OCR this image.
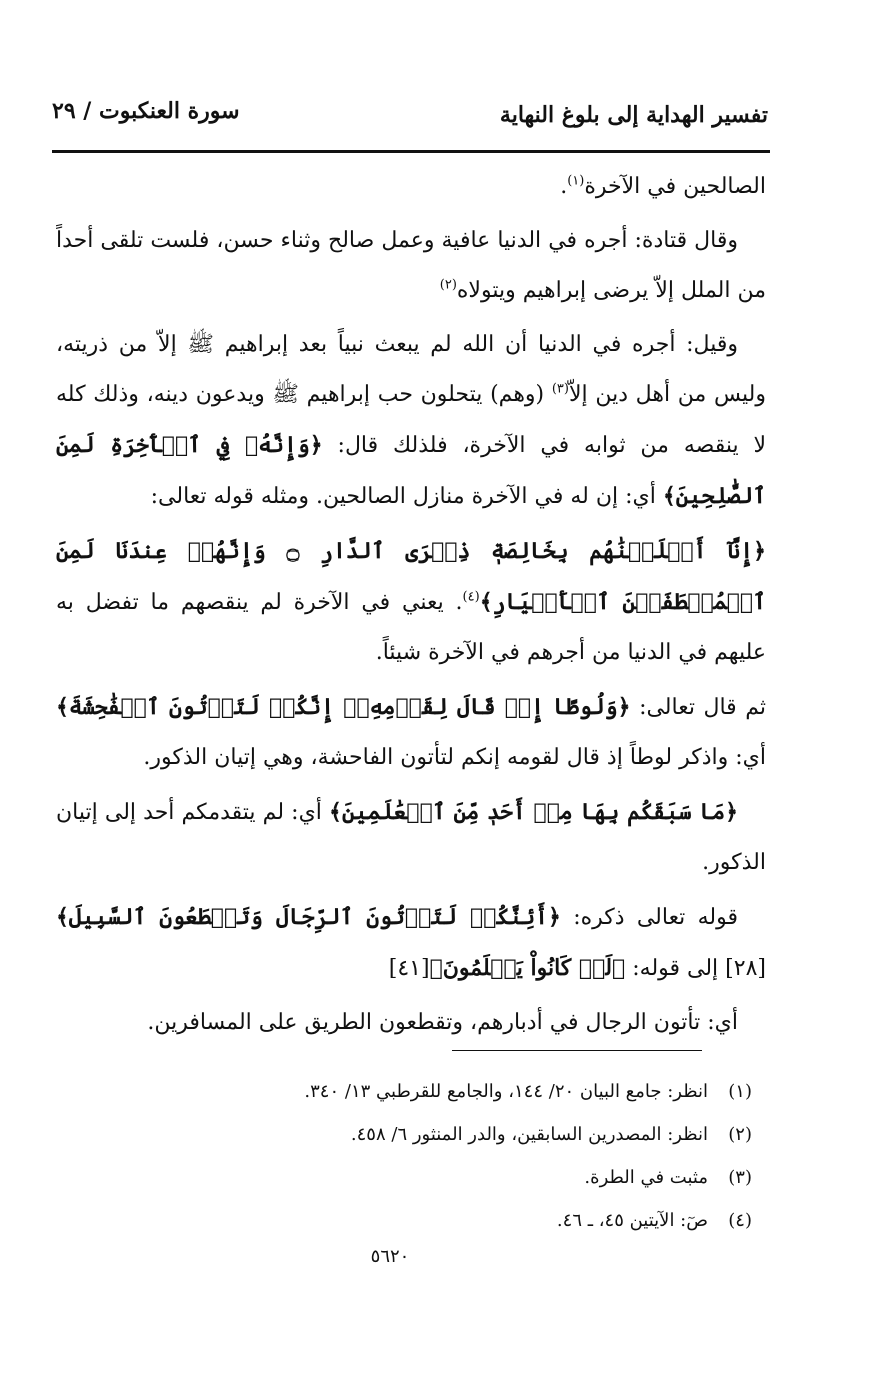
تفسير الهداية إلى بلوغ النهاية
سورة العنكبوت / ٢٩

الصالحين في الآخرة$^{(١)}$.

وقال قتادة: أجره في الدنيا عافية وعمل صالح وثناء حسن، فلست تلقى أحداً من الملل إلاّ يرضى إبراهيم ويتولاه$^{(٢)}$

وقيل: أجره في الدنيا أن الله لم يبعث نبياً بعد إبراهيم ﷺ إلاّ من ذريته، وليس من أهل دين إلاّ$^{(٣)}$ (وهم) يتحلون حب إبراهيم ﷺ ويدعون دينه، وذلك كله لا ينقصه من ثوابه في الآخرة، فلذلك قال: ﴿وَإِنَّهُۥ فِي ٱلۡأٓخِرَةِ لَمِنَ ٱلصَّٰلِحِينَ﴾ أي: إن له في الآخرة منازل الصالحين. ومثله قوله تعالى:

﴿إِنَّآ أَخۡلَصۡنَٰهُم بِخَالِصَةٖ ذِكۡرَى ٱلدَّارِ ۝ وَإِنَّهُمۡ عِندَنَا لَمِنَ ٱلۡمُصۡطَفَيۡنَ ٱلۡأَخۡيَارِ﴾$^{(٤)}$. يعني في الآخرة لم ينقصهم ما تفضل به عليهم في الدنيا من أجرهم في الآخرة شيئاً.

ثم قال تعالى: ﴿وَلُوطًا إِذۡ قَالَ لِقَوۡمِهِۦٓ إِنَّكُمۡ لَتَأۡتُونَ ٱلۡفَٰحِشَةَ﴾ أي: واذكر لوطاً إذ قال لقومه إنكم لتأتون الفاحشة، وهي إتيان الذكور.

﴿مَا سَبَقَكُم بِهَا مِنۡ أَحَدٖ مِّنَ ٱلۡعَٰلَمِينَ﴾ أي: لم يتقدمكم أحد إلى إتيان الذكور.

قوله تعالى ذكره: ﴿أَئِنَّكُمۡ لَتَأۡتُونَ ٱلرِّجَالَ وَتَقۡطَعُونَ ٱلسَّبِيلَ﴾[٢٨] إلى قوله: ﴿لَوۡ كَانُواْ يَعۡلَمُونَ﴾[٤١]

أي: تأتون الرجال في أدبارهم، وتقطعون الطريق على المسافرين.

(١)انظر: جامع البيان ٢٠/ ١٤٤، والجامع للقرطبي ١٣/ ٣٤٠.
(٢)انظر: المصدرين السابقين، والدر المنثور ٦/ ٤٥٨.
(٣)مثبت في الطرة.
(٤)صٓ: الآيتين ٤٥، ـ ٤٦.
٥٦٢٠
